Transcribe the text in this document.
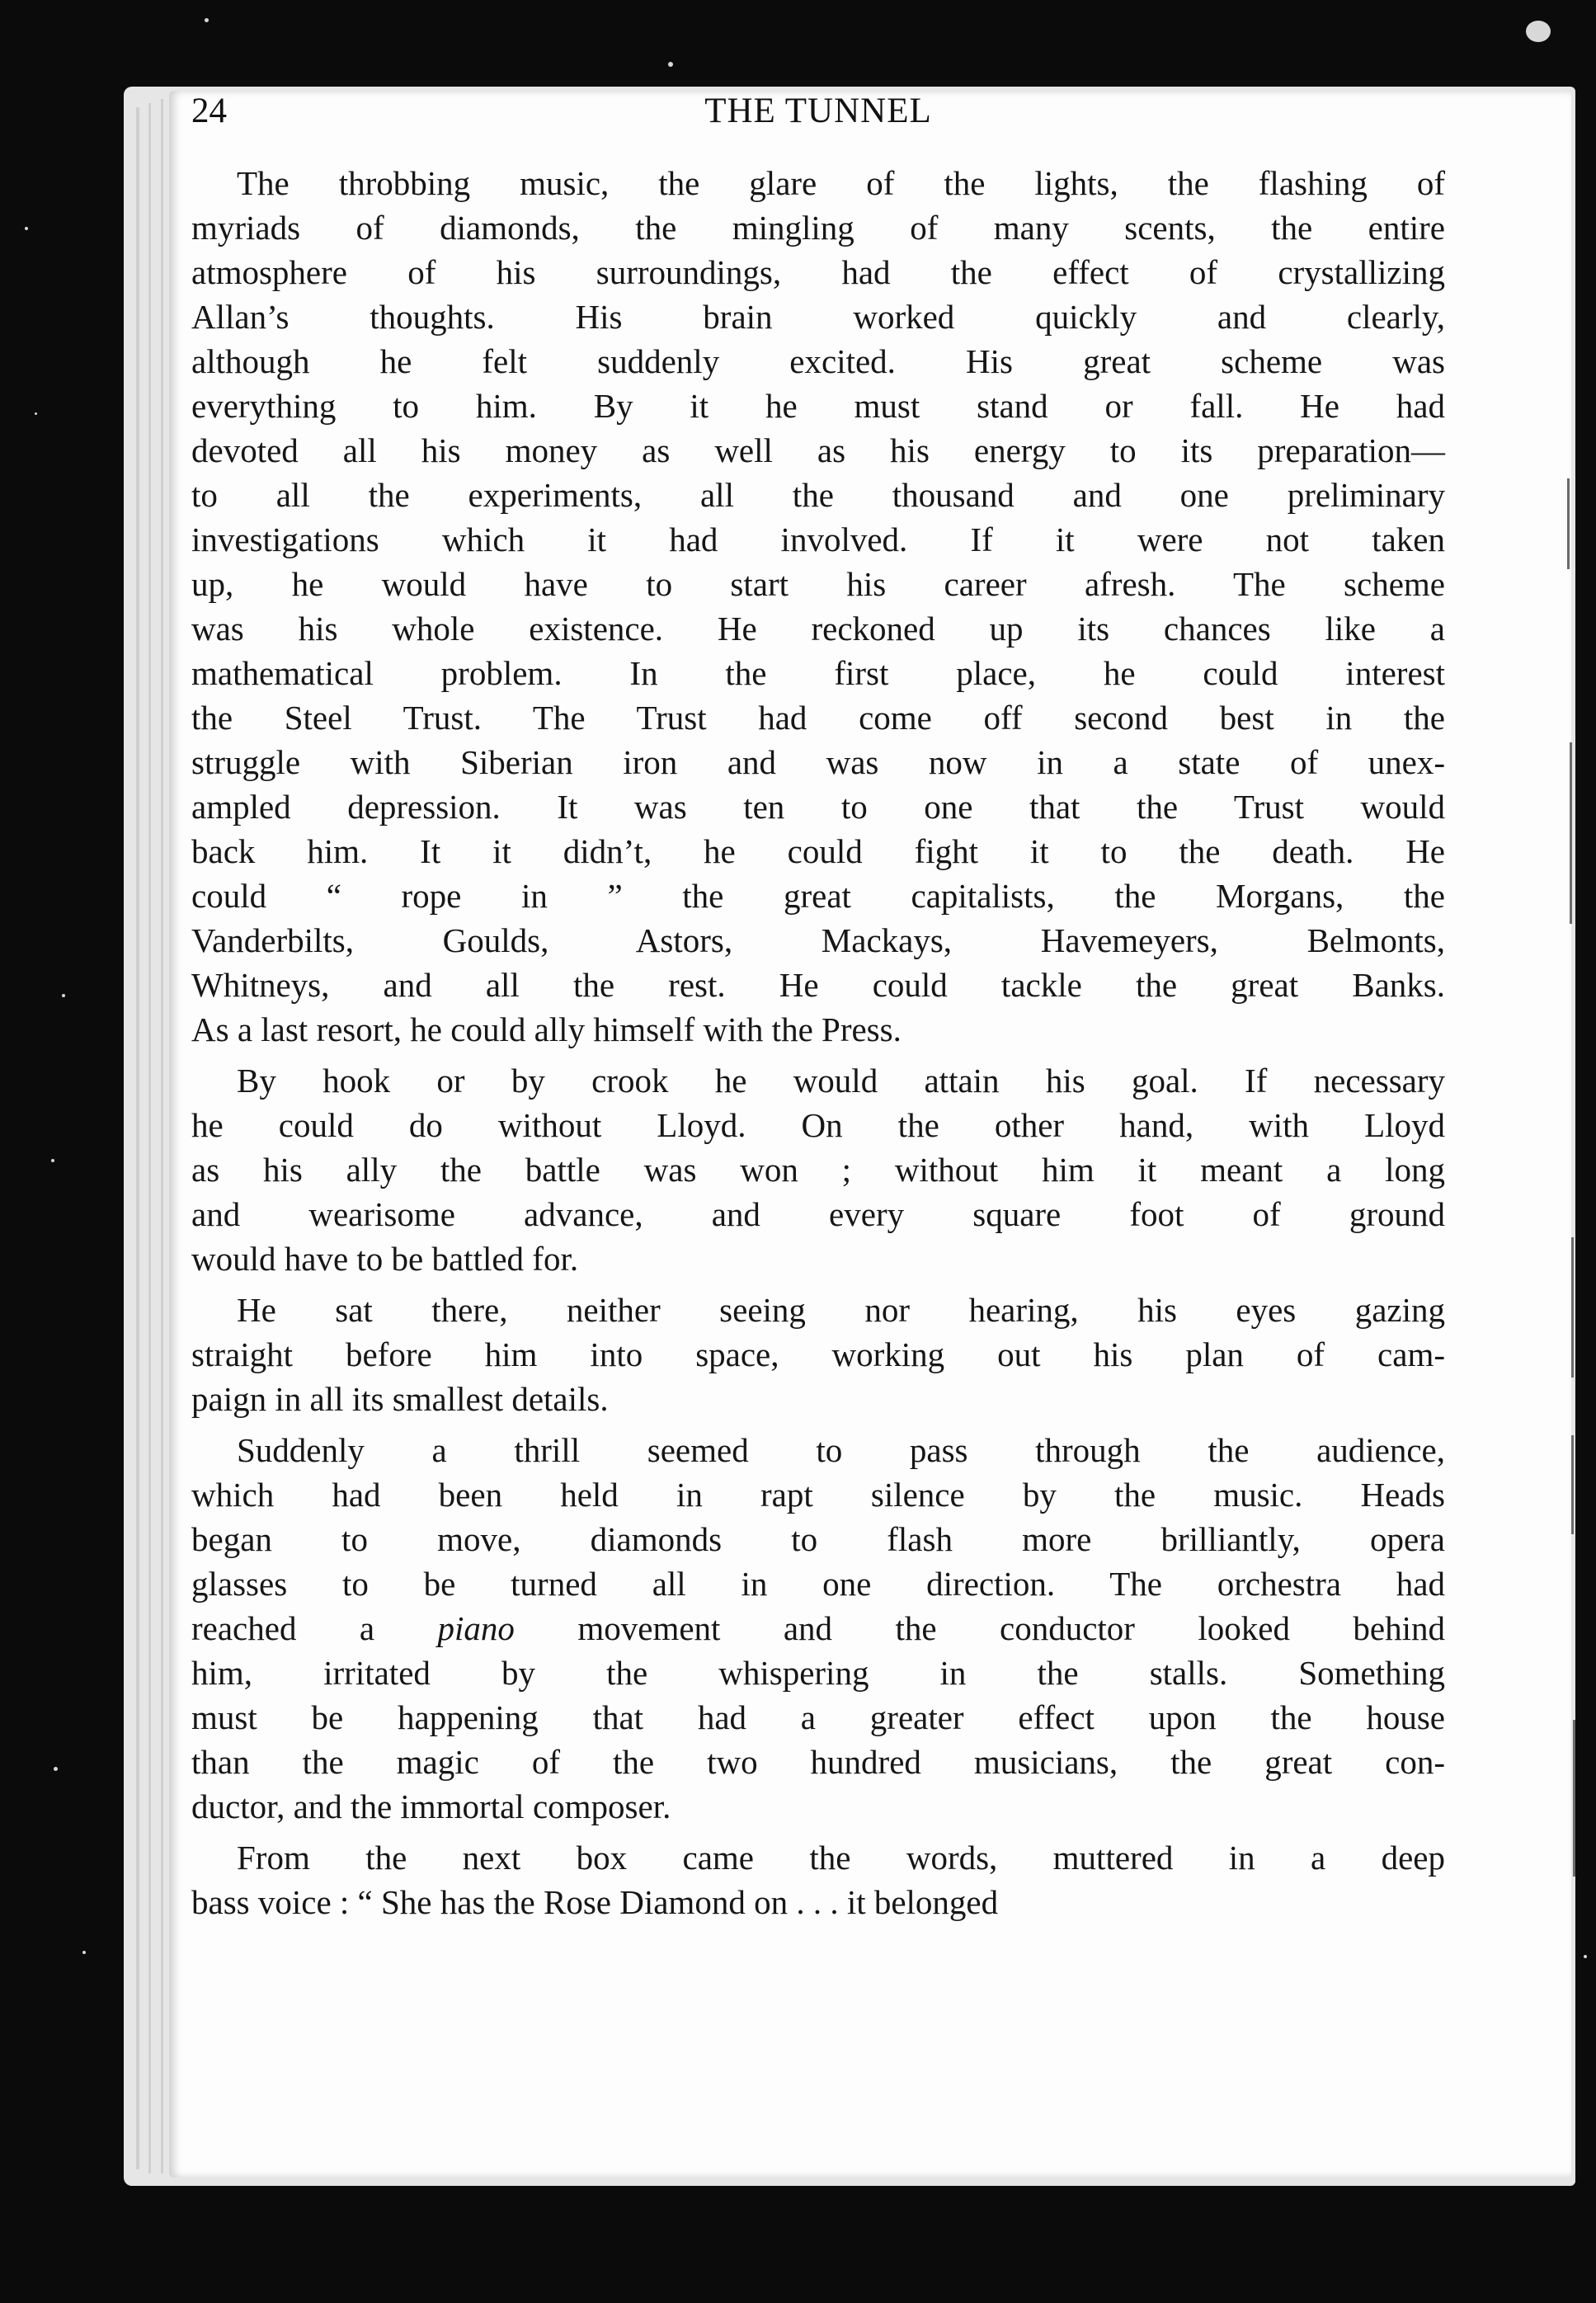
24	THE TUNNEL
The throbbing music, the glare of the lights, the flashing of
myriads of diamonds, the mingling of many scents, the entire
atmosphere of his surroundings, had the effect of crystallizing
Allan’s thoughts. His brain worked quickly and clearly,
although he felt suddenly excited. His great scheme was
everything to him. By it he must stand or fall. He had
devoted all his money as well as his energy to its preparation—
to all the experiments, all the thousand and one preliminary
investigations which it had involved. If it were not taken
up, he would have to start his career afresh. The scheme
was his whole existence. He reckoned up its chances like a
mathematical problem. In the first place, he could interest
the Steel Trust. The Trust had come off second best in the
struggle with Siberian iron and was now in a state of unex-
ampled depression. It was ten to one that the Trust would
back him. It it didn’t, he could fight it to the death. He
could “ rope in ” the great capitalists, the Morgans, the
Vanderbilts, Goulds, Astors, Mackays, Havemeyers, Belmonts,
Whitneys, and all the rest. He could tackle the great Banks.
As a last resort, he could ally himself with the Press.
By hook or by crook he would attain his goal. If necessary
he could do without Lloyd. On the other hand, with Lloyd
as his ally the battle was won ; without him it meant a long
and wearisome advance, and every square foot of ground
would have to be battled for.
He sat there, neither seeing nor hearing, his eyes gazing
straight before him into space, working out his plan of cam-
paign in all its smallest details.
Suddenly a thrill seemed to pass through the audience,
which had been held in rapt silence by the music. Heads
began to move, diamonds to flash more brilliantly, opera
glasses to be turned all in one direction. The orchestra had
reached a piano movement and the conductor looked behind
him, irritated by the whispering in the stalls. Something
must be happening that had a greater effect upon the house
than the magic of the two hundred musicians, the great con-
ductor, and the immortal composer.
From the next box came the words, muttered in a deep
bass voice : “ She has the Rose Diamond on . . . it belonged
